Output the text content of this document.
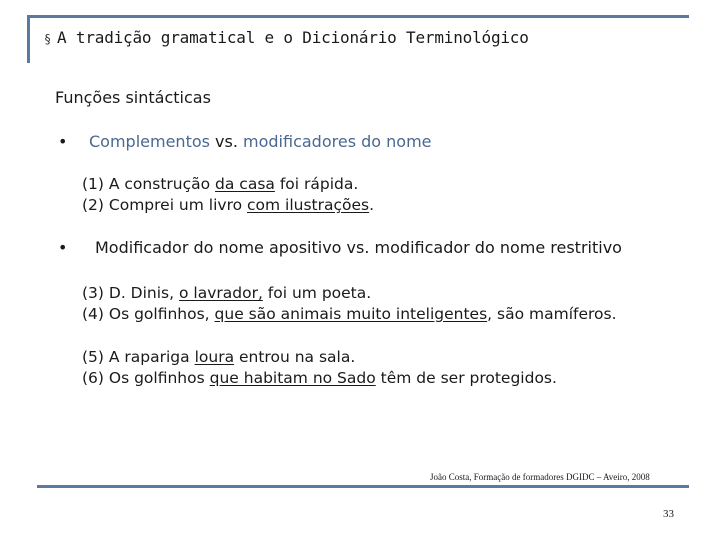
§ A tradição gramatical e o Dicionário Terminológico
Funções sintácticas
• Complementos vs. modificadores do nome
(1) A construção da casa foi rápida.
(2) Comprei um livro com ilustrações.
• Modificador do nome apositivo vs. modificador do nome restritivo
(3) D. Dinis, o lavrador, foi um poeta.
(4) Os golfinhos, que são animais muito inteligentes, são mamíferos.
(5) A rapariga loura entrou na sala.
(6) Os golfinhos que habitam no Sado têm de ser protegidos.
João Costa, Formação de formadores DGIDC – Aveiro, 2008
33
